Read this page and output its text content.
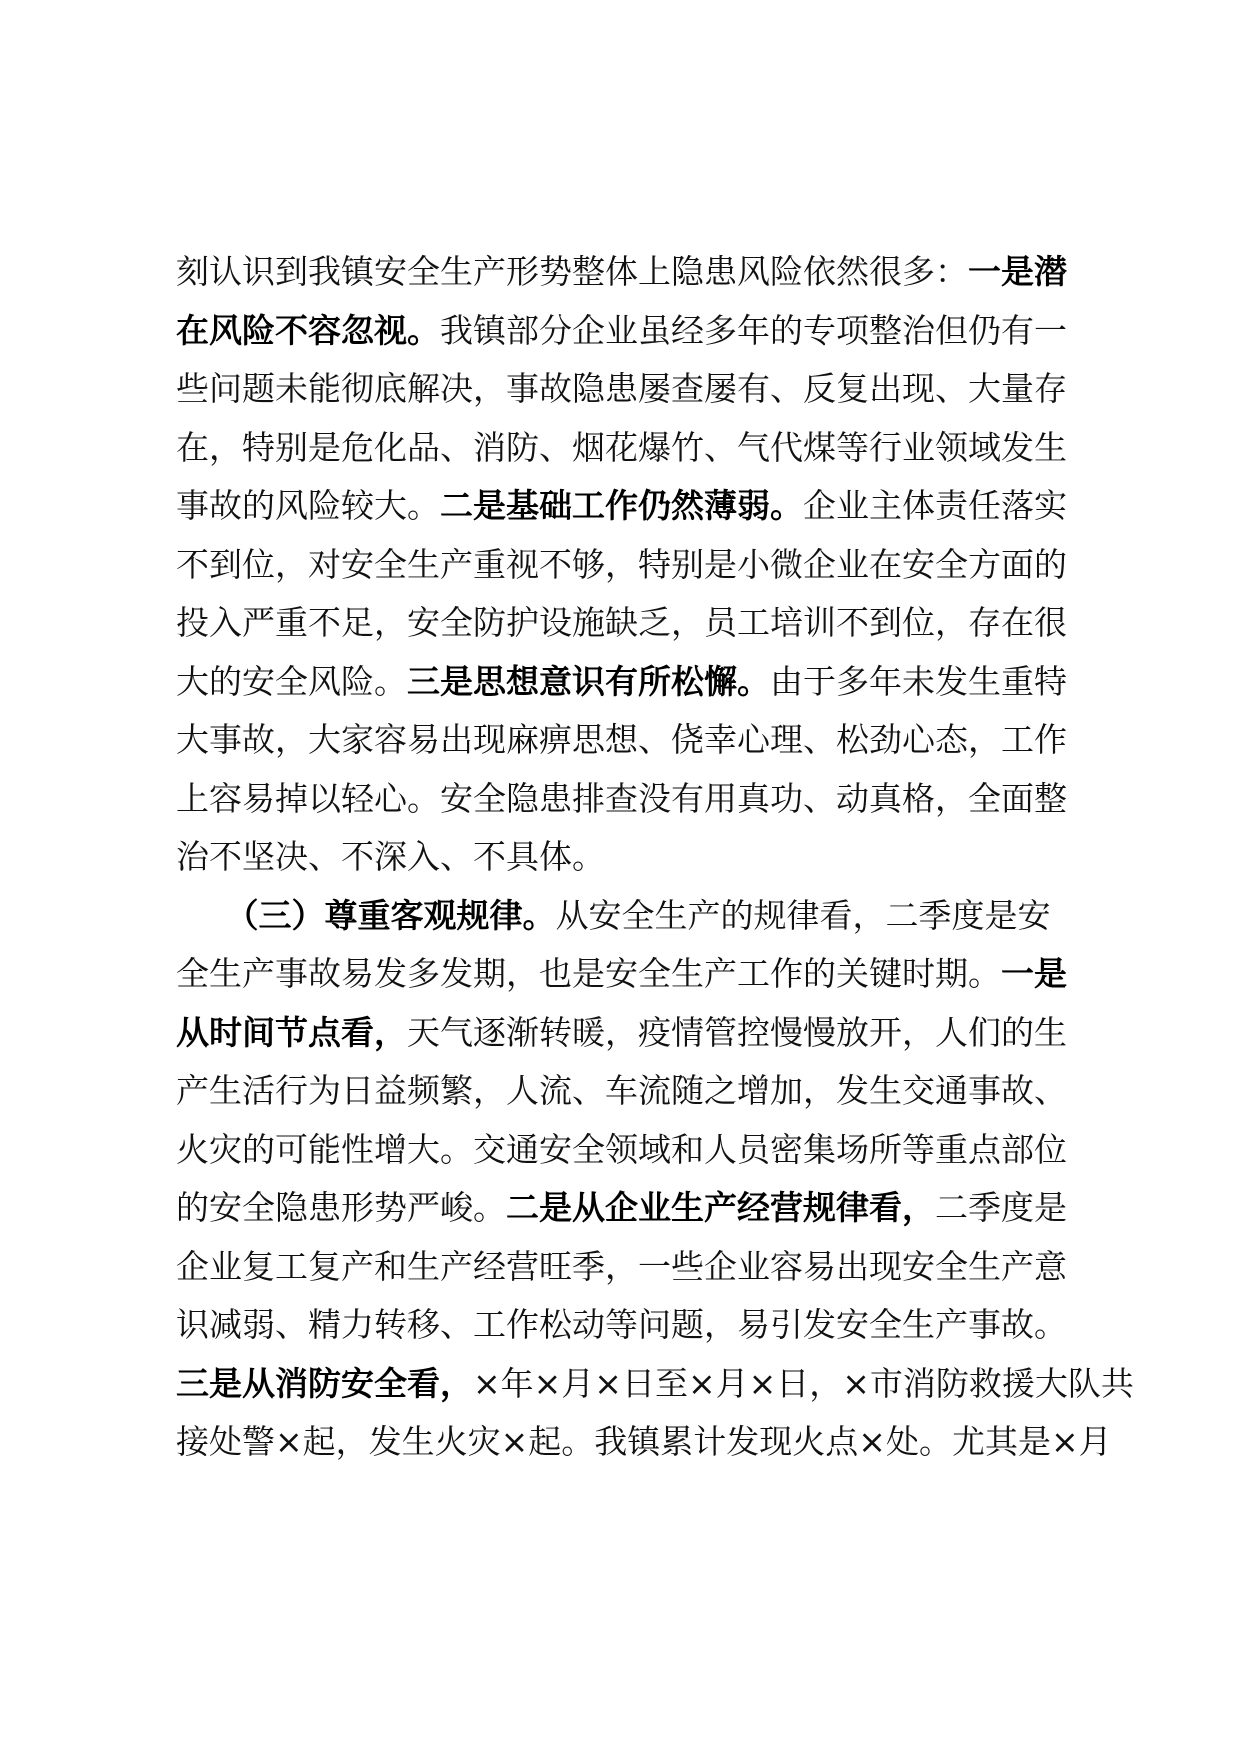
刻认识到我镇安全生产形势整体上隐患风险依然很多：一是潜
在风险不容忽视。我镇部分企业虽经多年的专项整治但仍有一
些问题未能彻底解决，事故隐患屡查屡有、反复出现、大量存
在，特别是危化品、消防、烟花爆竹、气代煤等行业领域发生
事故的风险较大。二是基础工作仍然薄弱。企业主体责任落实
不到位，对安全生产重视不够，特别是小微企业在安全方面的
投入严重不足，安全防护设施缺乏，员工培训不到位，存在很
大的安全风险。三是思想意识有所松懈。由于多年未发生重特
大事故，大家容易出现麻痹思想、侥幸心理、松劲心态，工作
上容易掉以轻心。安全隐患排查没有用真功、动真格，全面整
治不坚决、不深入、不具体。

　　（三）尊重客观规律。从安全生产的规律看，二季度是安
全生产事故易发多发期，也是安全生产工作的关键时期。一是
从时间节点看，天气逐渐转暖，疫情管控慢慢放开，人们的生
产生活行为日益频繁，人流、车流随之增加，发生交通事故、
火灾的可能性增大。交通安全领域和人员密集场所等重点部位
的安全隐患形势严峻。二是从企业生产经营规律看，二季度是
企业复工复产和生产经营旺季，一些企业容易出现安全生产意
识减弱、精力转移、工作松动等问题，易引发安全生产事故。
三是从消防安全看，×年×月×日至×月×日，×市消防救援大队共
接处警×起，发生火灾×起。我镇累计发现火点×处。尤其是×月
